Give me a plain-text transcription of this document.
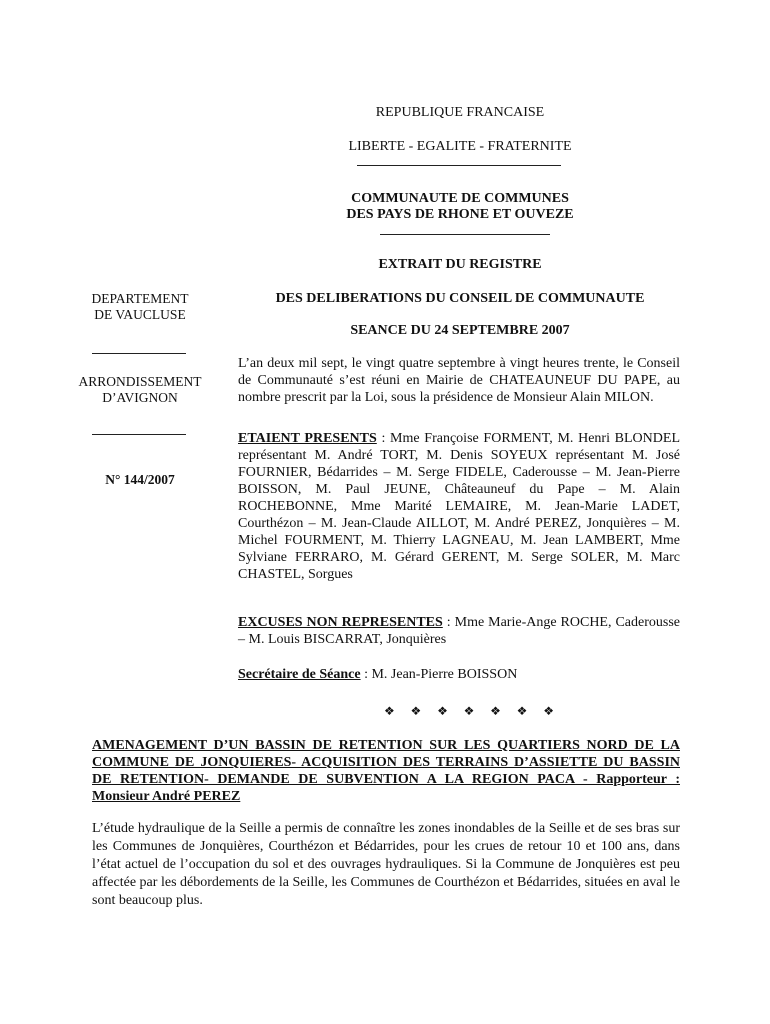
REPUBLIQUE FRANCAISE
LIBERTE - EGALITE - FRATERNITE
COMMUNAUTE DE COMMUNES
DES PAYS DE RHONE ET OUVEZE
EXTRAIT DU REGISTRE
DES DELIBERATIONS DU CONSEIL DE COMMUNAUTE
SEANCE DU 24 SEPTEMBRE 2007
DEPARTEMENT
DE VAUCLUSE
ARRONDISSEMENT
D’AVIGNON
N° 144/2007
L’an deux mil sept, le vingt quatre septembre à vingt heures trente, le Conseil de Communauté s’est réuni en Mairie de CHATEAUNEUF DU PAPE, au nombre prescrit par la Loi, sous la présidence de Monsieur Alain MILON.
ETAIENT PRESENTS : Mme Françoise FORMENT, M. Henri BLONDEL représentant M. André TORT, M. Denis SOYEUX représentant M. José FOURNIER, Bédarrides – M. Serge FIDELE, Caderousse – M. Jean-Pierre BOISSON, M. Paul JEUNE, Châteauneuf du Pape – M. Alain ROCHEBONNE, Mme Marité LEMAIRE, M. Jean-Marie LADET, Courthézon – M. Jean-Claude AILLOT, M. André PEREZ, Jonquières – M. Michel FOURMENT, M. Thierry LAGNEAU, M. Jean LAMBERT, Mme Sylviane FERRARO, M. Gérard GERENT, M. Serge SOLER, M. Marc CHASTEL, Sorgues
EXCUSES NON REPRESENTES : Mme Marie-Ange ROCHE, Caderousse – M. Louis BISCARRAT, Jonquières
Secrétaire de Séance : M. Jean-Pierre BOISSON
❖ ❖ ❖ ❖ ❖ ❖ ❖
AMENAGEMENT D’UN BASSIN DE RETENTION SUR LES QUARTIERS NORD DE LA COMMUNE DE JONQUIERES- ACQUISITION DES TERRAINS D’ASSIETTE DU BASSIN DE RETENTION- DEMANDE DE SUBVENTION A LA REGION PACA - Rapporteur : Monsieur André PEREZ
L’étude hydraulique de la Seille a permis de connaître les zones inondables de la Seille et de ses bras sur les Communes de Jonquières, Courthézon et Bédarrides, pour les crues de retour 10 et 100 ans, dans l’état actuel de l’occupation du sol et des ouvrages hydrauliques. Si la Commune de Jonquières est peu affectée par les débordements de la Seille, les Communes de Courthézon et Bédarrides, situées en aval le sont beaucoup plus.
